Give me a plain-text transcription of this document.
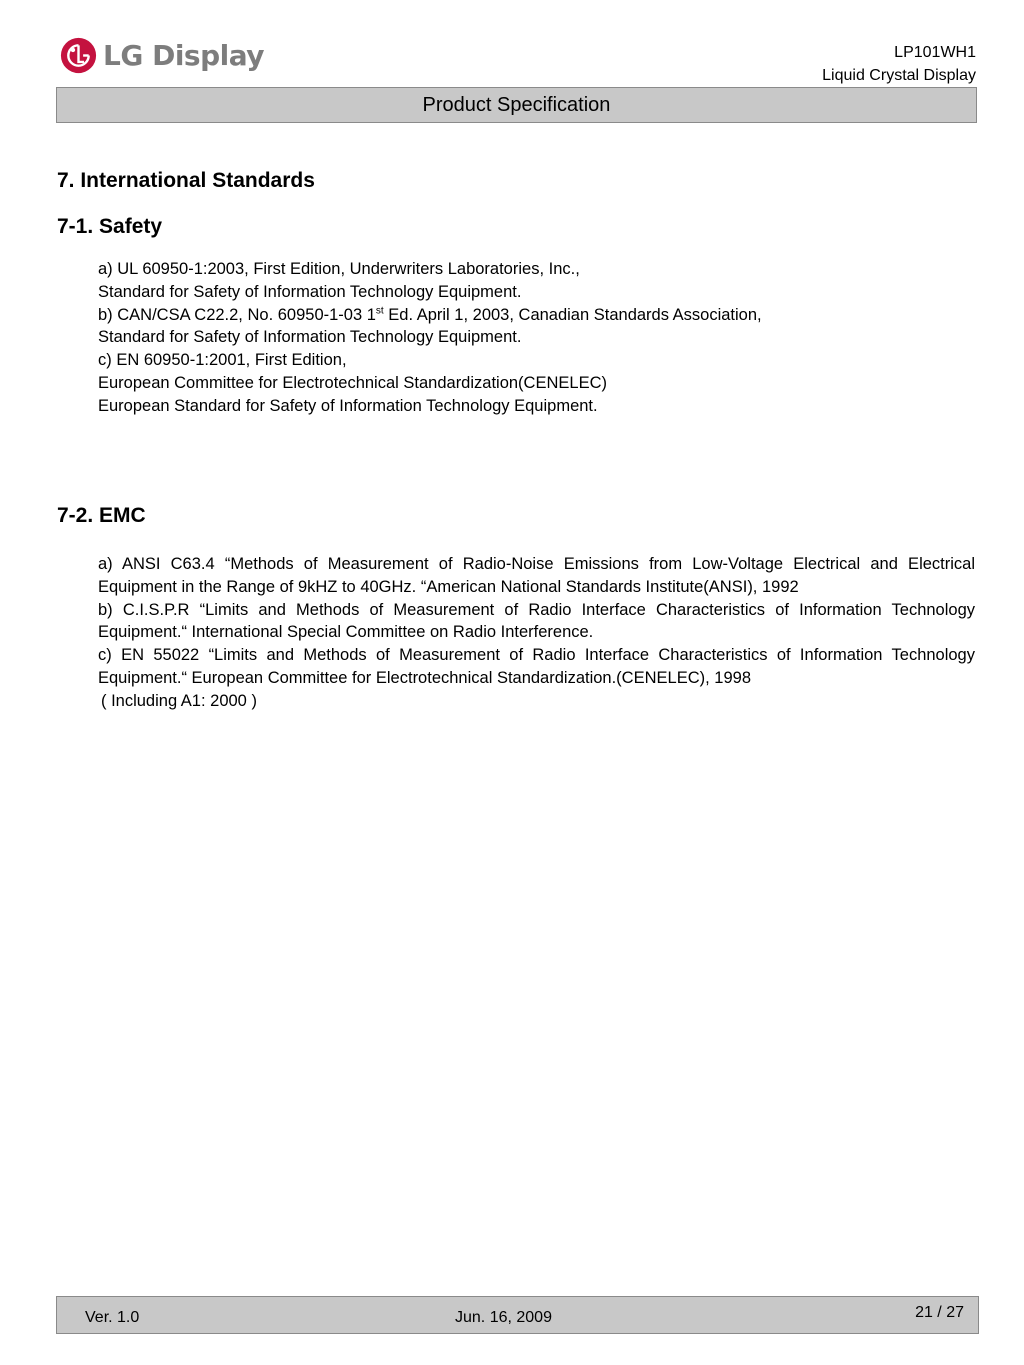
LG Display	LP101WH1
Liquid Crystal Display
Product Specification
7. International Standards
7-1. Safety

a) UL 60950-1:2003, First Edition, Underwriters Laboratories, Inc.,

Standard for Safety of Information Technology Equipment.

b) CAN/CSA C22.2, No. 60950-1-03 1st Ed. April 1, 2003, Canadian Standards Association,

Standard for Safety of Information Technology Equipment.

c) EN 60950-1:2001, First Edition,

European Committee for Electrotechnical Standardization(CENELEC)

European Standard for Safety of Information Technology Equipment.

7-2. EMC

a) ANSI C63.4 “Methods of Measurement of Radio-Noise Emissions from Low-Voltage Electrical and Electrical Equipment in the Range of 9kHZ to 40GHz. “American National Standards Institute(ANSI), 1992

b) C.I.S.P.R “Limits and Methods of Measurement of Radio Interface Characteristics of Information Technology Equipment.“ International Special Committee on Radio Interference.

c) EN 55022 “Limits and Methods of Measurement of Radio Interface Characteristics of Information Technology Equipment.“ European Committee for Electrotechnical Standardization.(CENELEC), 1998

( Including A1: 2000 )

Ver. 1.0	Jun. 16, 2009	21 / 27
